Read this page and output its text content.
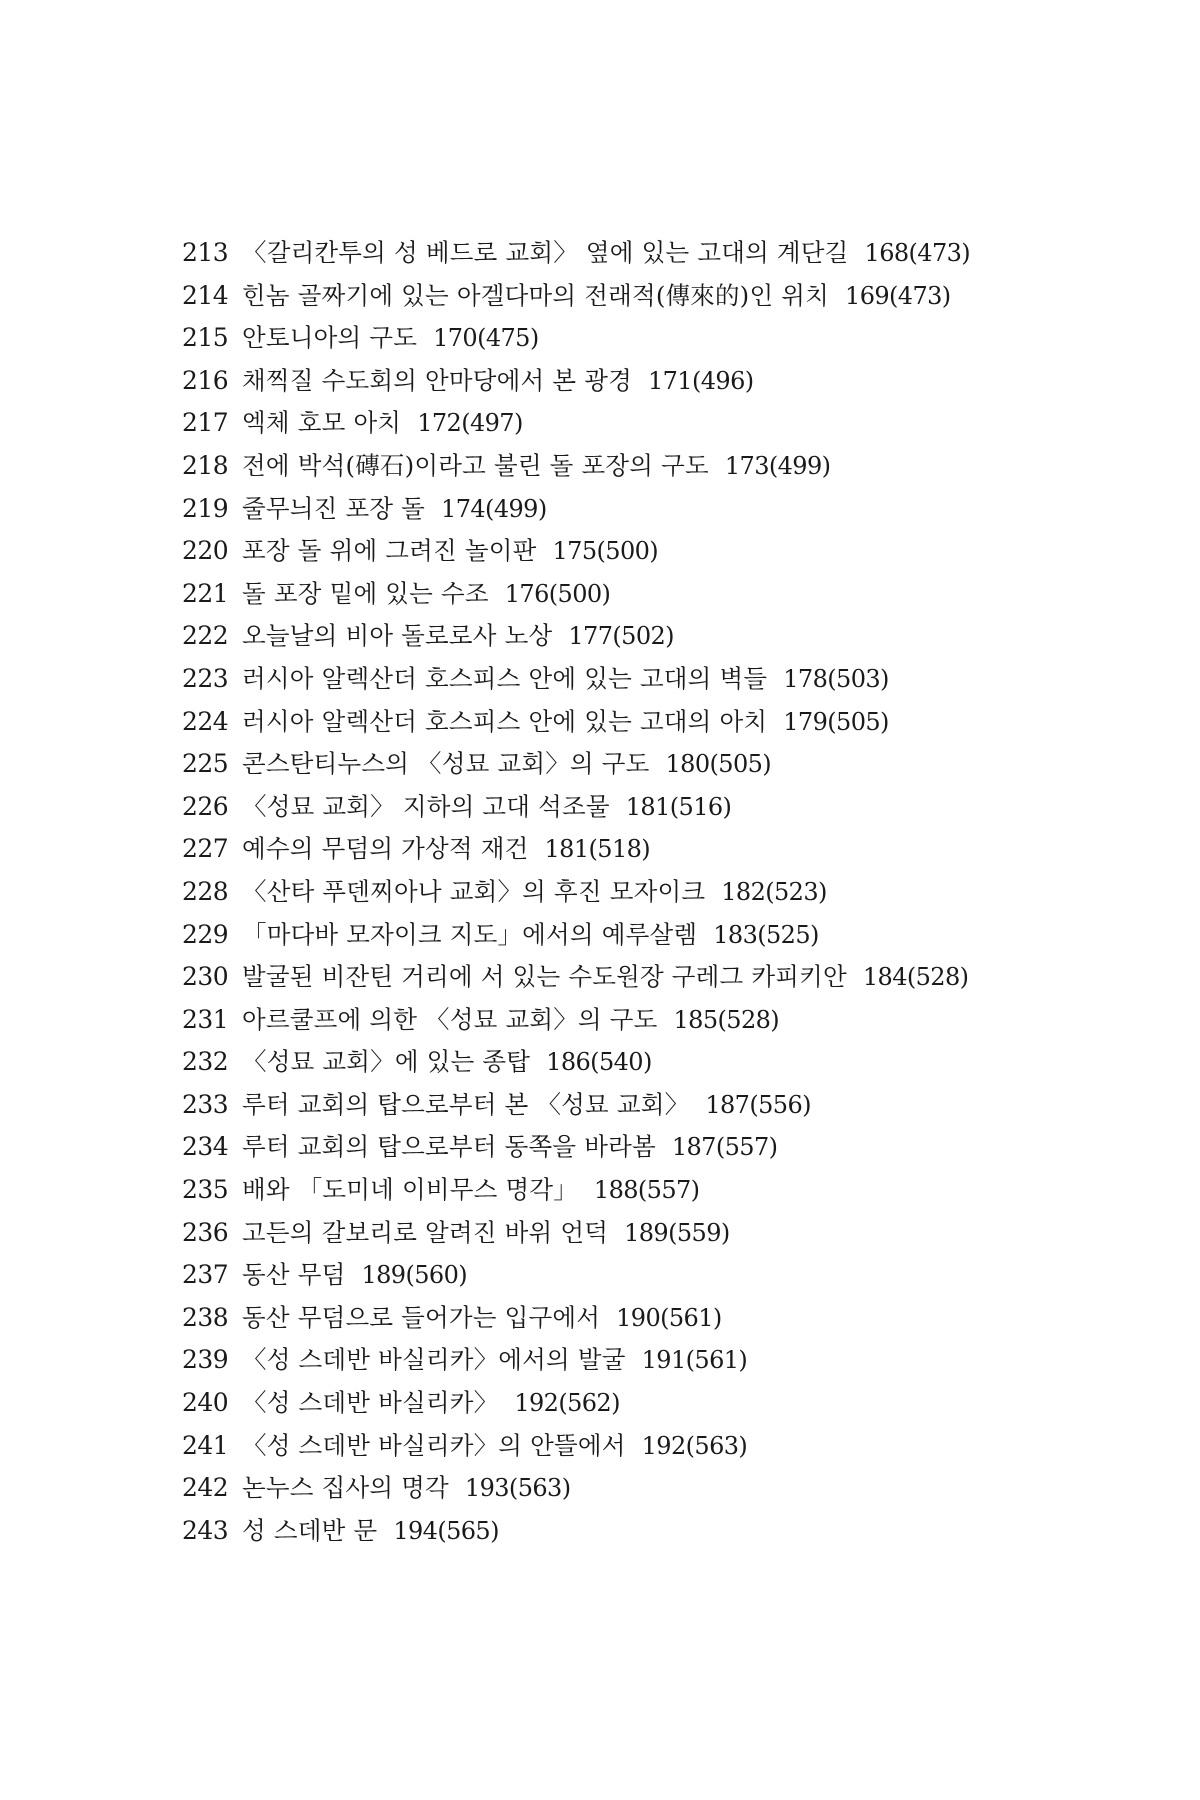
213 〈갈리칸투의 성 베드로 교회〉 옆에 있는 고대의 계단길 168(473)
214 힌놈 골짜기에 있는 아겔다마의 전래적(傳來的)인 위치 169(473)
215 안토니아의 구도 170(475)
216 채찍질 수도회의 안마당에서 본 광경 171(496)
217 엑체 호모 아치 172(497)
218 전에 박석(磚石)이라고 불린 돌 포장의 구도 173(499)
219 줄무늬진 포장 돌 174(499)
220 포장 돌 위에 그려진 놀이판 175(500)
221 돌 포장 밑에 있는 수조 176(500)
222 오늘날의 비아 돌로로사 노상 177(502)
223 러시아 알렉산더 호스피스 안에 있는 고대의 벽들 178(503)
224 러시아 알렉산더 호스피스 안에 있는 고대의 아치 179(505)
225 콘스탄티누스의 〈성묘 교회〉의 구도 180(505)
226 〈성묘 교회〉 지하의 고대 석조물 181(516)
227 예수의 무덤의 가상적 재건 181(518)
228 〈산타 푸덴찌아나 교회〉의 후진 모자이크 182(523)
229 「마다바 모자이크 지도」에서의 예루살렘 183(525)
230 발굴된 비잔틴 거리에 서 있는 수도원장 구레그 카피키안 184(528)
231 아르쿨프에 의한 〈성묘 교회〉의 구도 185(528)
232 〈성묘 교회〉에 있는 종탑 186(540)
233 루터 교회의 탑으로부터 본 〈성묘 교회〉 187(556)
234 루터 교회의 탑으로부터 동쪽을 바라봄 187(557)
235 배와 「도미네 이비무스 명각」 188(557)
236 고든의 갈보리로 알려진 바위 언덕 189(559)
237 동산 무덤 189(560)
238 동산 무덤으로 들어가는 입구에서 190(561)
239 〈성 스데반 바실리카〉에서의 발굴 191(561)
240 〈성 스데반 바실리카〉 192(562)
241 〈성 스데반 바실리카〉의 안뜰에서 192(563)
242 논누스 집사의 명각 193(563)
243 성 스데반 문 194(565)
